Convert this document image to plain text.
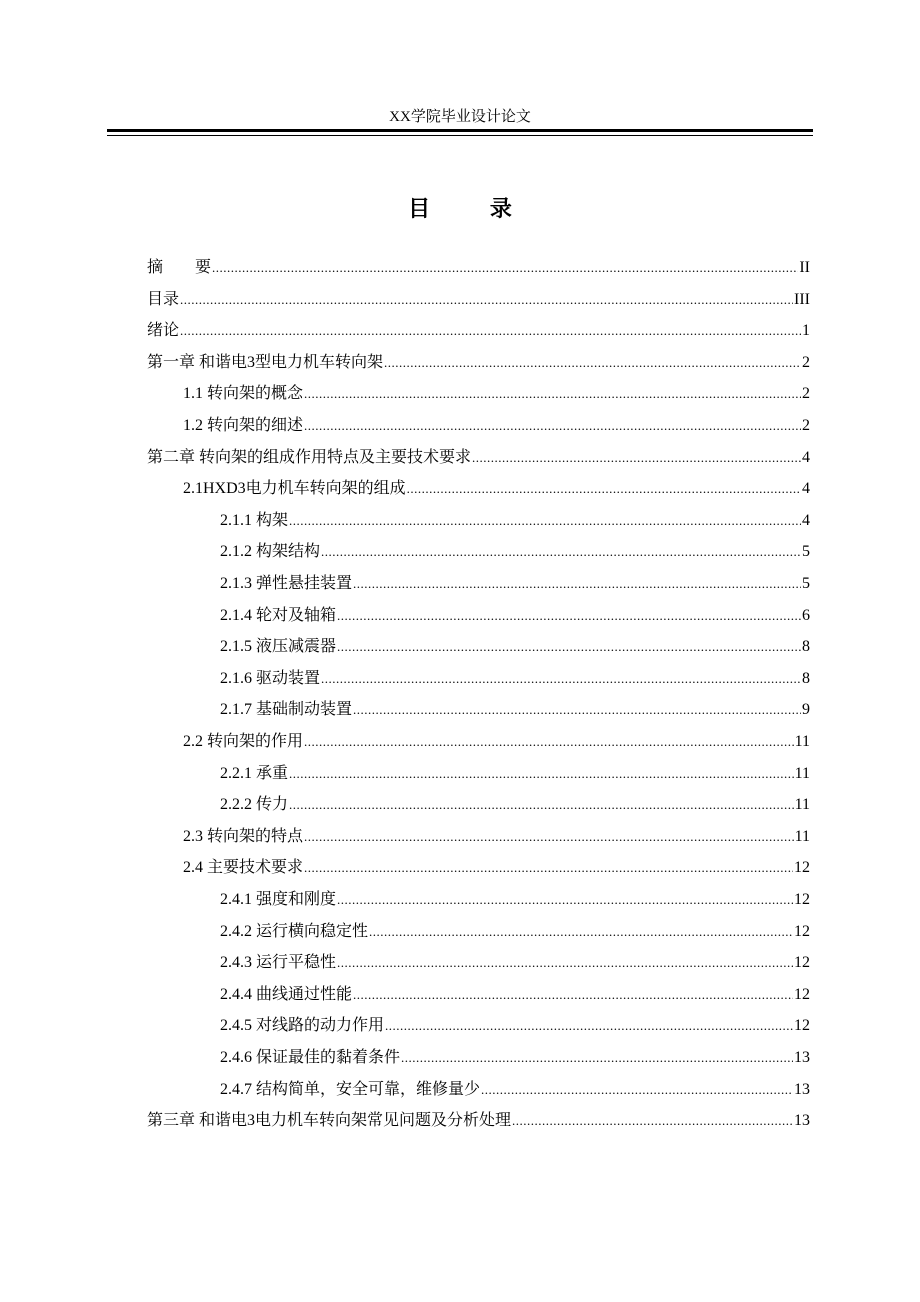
XX学院毕业设计论文
目 录
摘　　要 .....	II
目录 .....	III
绪论 .....	1
第一章 和谐电3型电力机车转向架 .....	2
1.1 转向架的概念 .....	2
1.2 转向架的细述 .....	2
第二章 转向架的组成作用特点及主要技术要求 .....	4
2.1HXD3电力机车转向架的组成 .....	4
2.1.1 构架 .....	4
2.1.2 构架结构 .....	5
2.1.3 弹性悬挂装置 .....	5
2.1.4 轮对及轴箱 .....	6
2.1.5 液压减震器 .....	8
2.1.6 驱动装置 .....	8
2.1.7 基础制动装置 .....	9
2.2 转向架的作用 .....	11
2.2.1 承重 .....	11
2.2.2 传力 .....	11
2.3 转向架的特点 .....	11
2.4 主要技术要求 .....	12
2.4.1 强度和刚度 .....	12
2.4.2 运行横向稳定性 .....	12
2.4.3 运行平稳性 .....	12
2.4.4 曲线通过性能 .....	12
2.4.5 对线路的动力作用 .....	12
2.4.6 保证最佳的黏着条件 .....	13
2.4.7 结构简单，安全可靠，维修量少 .....	13
第三章 和谐电3电力机车转向架常见问题及分析处理 .....	13
